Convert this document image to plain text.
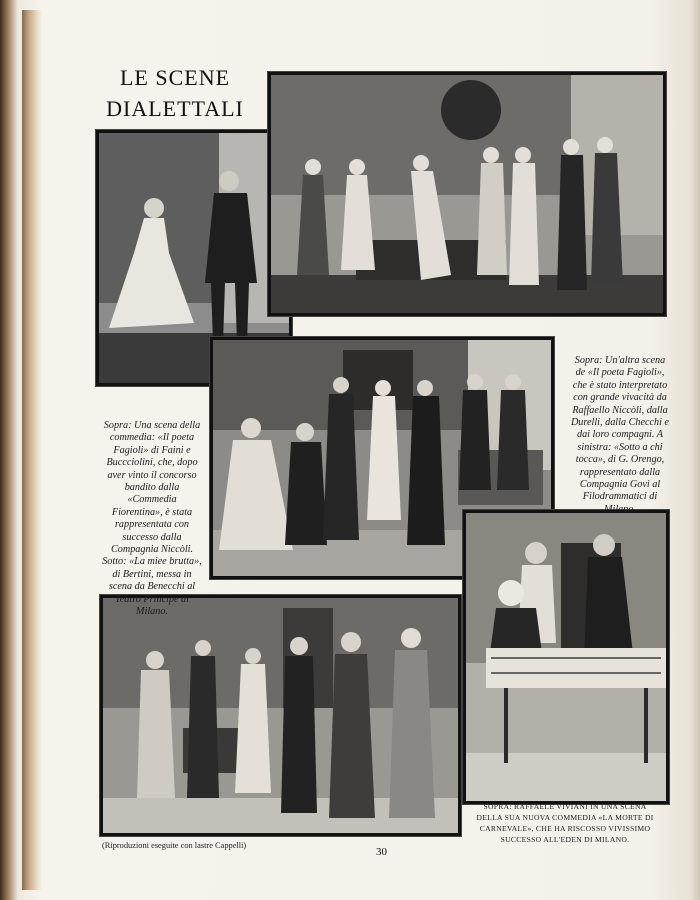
LE SCENE
DIALETTALI
Sopra: Una scena della commedia: «Il poeta Fagioli» di Faini e Buccciolini, che, dopo aver vinto il concorso bandito dalla «Commedia Fiorentina», è stata rappresentata con successo dalla Compagnia Niccòli. Sotto: «La miee brutta», di Bertini, messa in scena da Benecchi al Teatro Principe di Milano.
Sopra: Un'altra scena de «Il poeta Fagioli», che è stato interpretato con grande vivacità da Raffaello Niccòli, dalla Durelli, dalla Checchi e dai loro compagni. A sinistra: «Sotto a chi tocca», di G. Orengo, rappresentato dalla Compagnia Govi al Filodrammatici di Milano.
SOPRA: RAFFAELE VIVIANI IN UNA SCENA DELLA SUA NUOVA COMMEDIA «LA MORTE DI CARNEVALE», CHE HA RISCOSSO VIVISSIMO SUCCESSO ALL'EDEN DI MILANO.
(Riproduzioni eseguite con lastre Cappelli)
30
